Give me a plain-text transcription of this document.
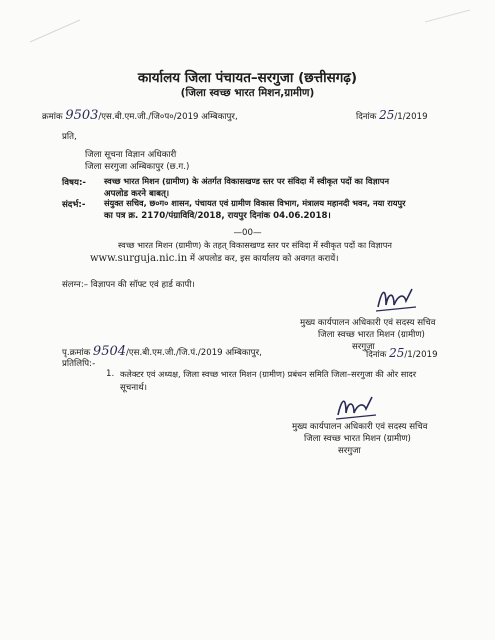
कार्यालय जिला पंचायत–सरगुजा (छत्तीसगढ़)
(जिला स्वच्छ भारत मिशन,ग्रामीण)
क्रमांक 9503/एस.बी.एम.जी./जि०प०/2019 अम्बिकापुर,	दिनांक 25/1/2019
प्रति,
जिला सूचना विज्ञान अधिकारी
जिला सरगुजा अम्बिकापुर (छ.ग.)
विषय:- स्वच्छ भारत मिशन (ग्रामीण) के अंतर्गत विकासखण्ड स्तर पर संविदा में स्वीकृत पदों का विज्ञापन
अपलोड करने बाबत्।
संदर्भ:- संयुक्त सचिव, छ०ग० शासन, पंचायत एवं ग्रामीण विकास विभाग, मंत्रालय महानदी भवन, नया रायपुर
का पत्र क्र. 2170/पंग्राविवि/2018, रायपुर दिनांक 04.06.2018।
—00—
स्वच्छ भारत मिशन (ग्रामीण) के तहत् विकासखण्ड स्तर पर संविदा में स्वीकृत पदों का विज्ञापन
www.surguja.nic.in में अपलोड कर, इस कार्यालय को अवगत करायें।
संलग्न:– विज्ञापन की सॉफ्ट एवं हार्ड कापी।
मुख्य कार्यपालन अधिकारी एवं सदस्य सचिव
जिला स्वच्छ भारत मिशन (ग्रामीण)
सरगुजा
पृ.क्रमांक 9504/एस.बी.एम.जी./जि.पं./2019 अम्बिकापुर,	दिनांक 25/1/2019
प्रतिलिपि:-
1. कलेक्टर एवं अध्यक्ष, जिला स्वच्छ भारत मिशन (ग्रामीण) प्रबंधन समिति जिला–सरगुजा की ओर सादर
सूचनार्थ।
मुख्य कार्यपालन अधिकारी एवं सदस्य सचिव
जिला स्वच्छ भारत मिशन (ग्रामीण)
सरगुजा
